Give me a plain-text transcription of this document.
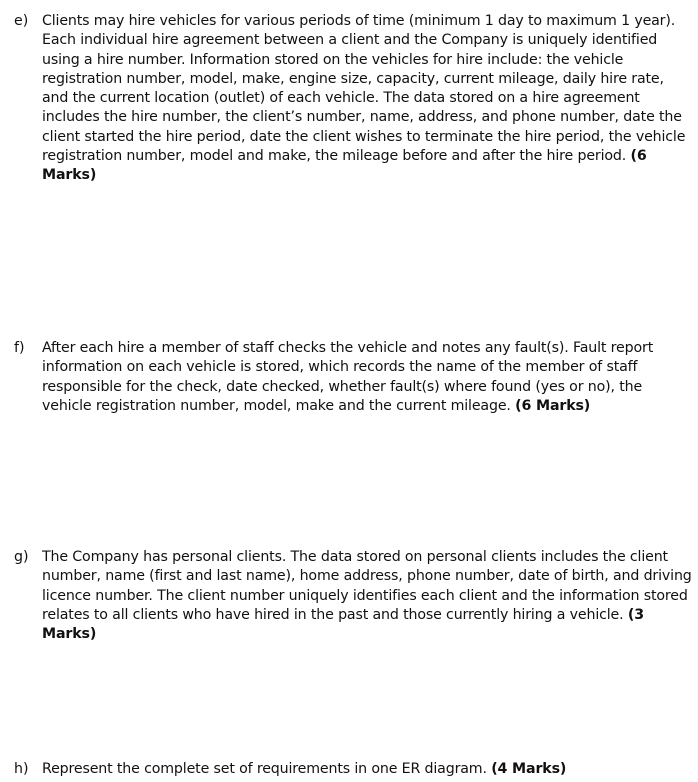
e) Clients may hire vehicles for various periods of time (minimum 1 day to maximum 1 year). Each individual hire agreement between a client and the Company is uniquely identified using a hire number. Information stored on the vehicles for hire include: the vehicle registration number, model, make, engine size, capacity, current mileage, daily hire rate, and the current location (outlet) of each vehicle. The data stored on a hire agreement includes the hire number, the client’s number, name, address, and phone number, date the client started the hire period, date the client wishes to terminate the hire period, the vehicle registration number, model and make, the mileage before and after the hire period. (6 Marks)
f)	After each hire a member of staff checks the vehicle and notes any fault(s). Fault report information on each vehicle is stored, which records the name of the member of staff responsible for the check, date checked, whether fault(s) where found (yes or no), the vehicle registration number, model, make and the current mileage. (6 Marks)
g) The Company has personal clients. The data stored on personal clients includes the client number, name (first and last name), home address, phone number, date of birth, and driving licence number. The client number uniquely identifies each client and the information stored relates to all clients who have hired in the past and those currently hiring a vehicle. (3 Marks)
h) Represent the complete set of requirements in one ER diagram. (4 Marks)
